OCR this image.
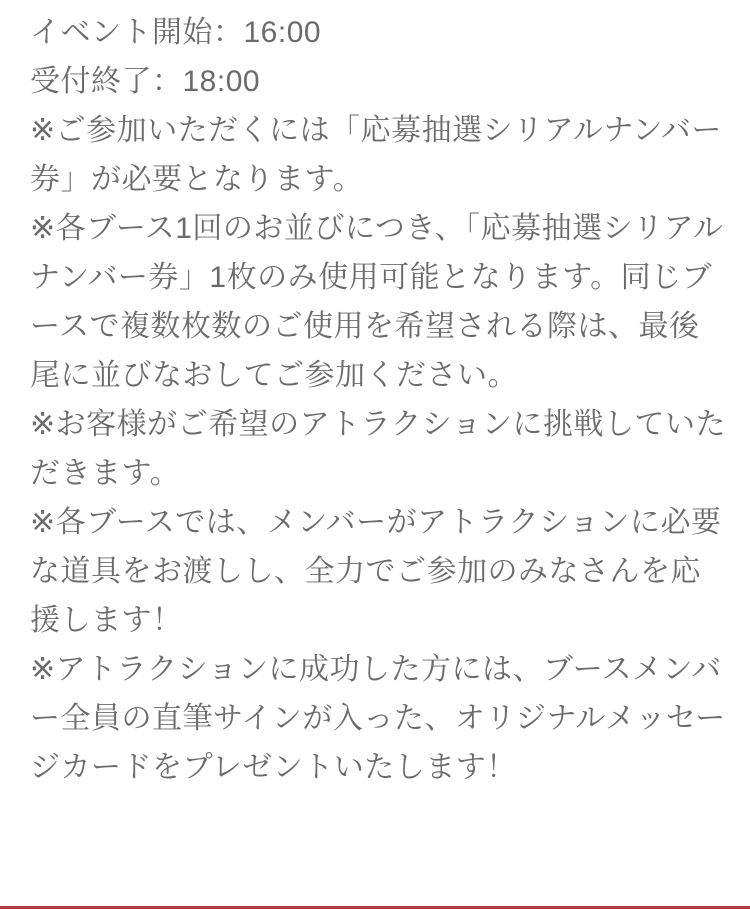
イベント開始：16:00
受付終了：18:00
※ご参加いただくには「応募抽選シリアルナンバー券」が必要となります。
※各ブース1回のお並びにつき、「応募抽選シリアルナンバー券」1枚のみ使用可能となります。同じブースで複数枚数のご使用を希望される際は、最後尾に並びなおしてご参加ください。
※お客様がご希望のアトラクションに挑戦していただきます。
※各ブースでは、メンバーがアトラクションに必要な道具をお渡しし、全力でご参加のみなさんを応援します！
※アトラクションに成功した方には、ブースメンバー全員の直筆サインが入った、オリジナルメッセージカードをプレゼントいたします！
